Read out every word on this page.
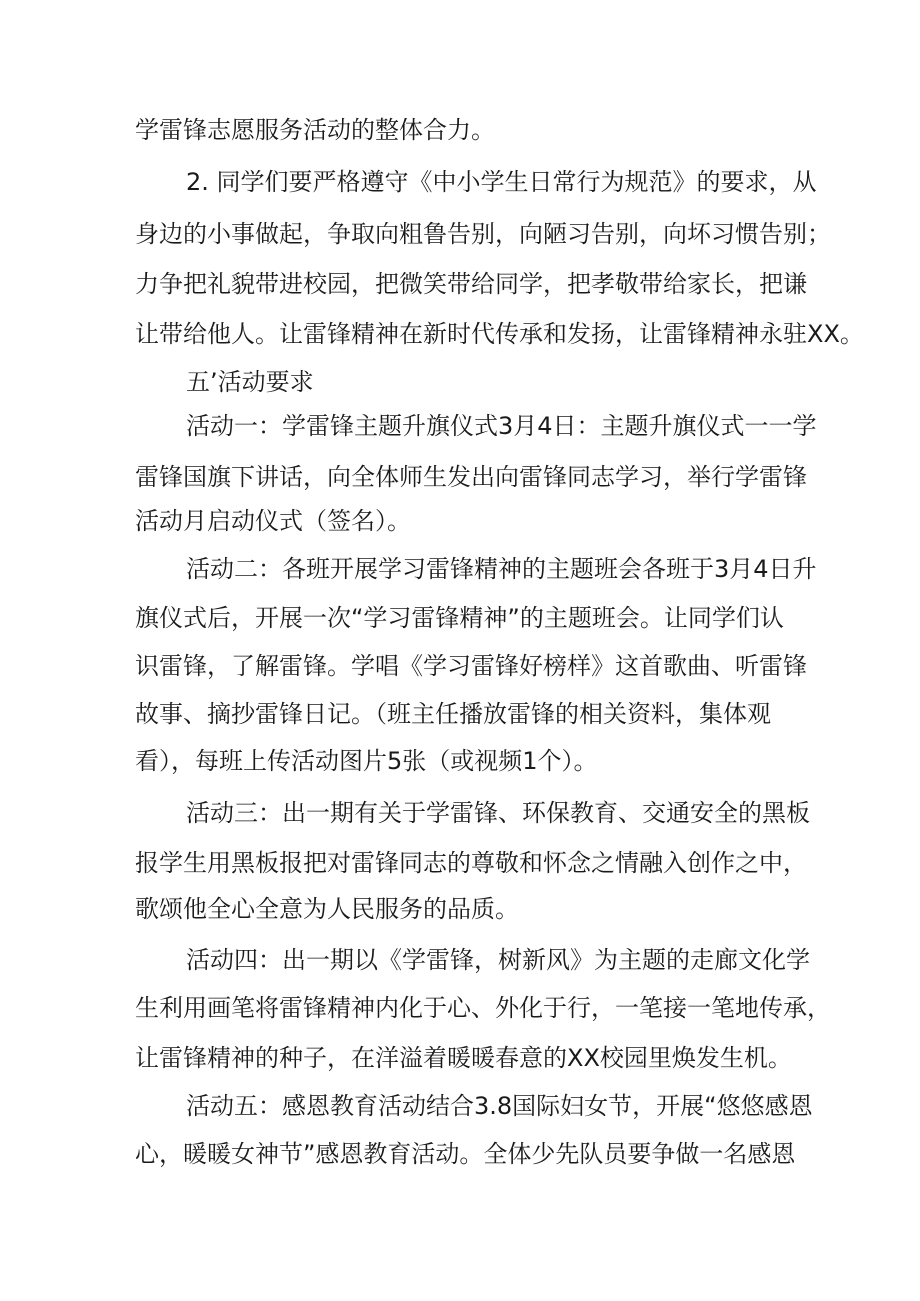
学雷锋志愿服务活动的整体合力。
2. 同学们要严格遵守《中小学生日常行为规范》的要求，从
身边的小事做起，争取向粗鲁告别，向陋习告别，向坏习惯告别；
力争把礼貌带进校园，把微笑带给同学，把孝敬带给家长，把谦
让带给他人。让雷锋精神在新时代传承和发扬，让雷锋精神永驻XX。
五’活动要求
活动一：学雷锋主题升旗仪式3月4日：主题升旗仪式一一学
雷锋国旗下讲话，向全体师生发出向雷锋同志学习，举行学雷锋
活动月启动仪式（签名）。
活动二：各班开展学习雷锋精神的主题班会各班于3月4日升
旗仪式后，开展一次“学习雷锋精神”的主题班会。让同学们认
识雷锋，了解雷锋。学唱《学习雷锋好榜样》这首歌曲、听雷锋
故事、摘抄雷锋日记。（班主任播放雷锋的相关资料，集体观
看），每班上传活动图片5张（或视频1个）。
活动三：出一期有关于学雷锋、环保教育、交通安全的黑板
报学生用黑板报把对雷锋同志的尊敬和怀念之情融入创作之中，
歌颂他全心全意为人民服务的品质。
活动四：出一期以《学雷锋，树新风》为主题的走廊文化学
生利用画笔将雷锋精神内化于心、外化于行，一笔接一笔地传承，
让雷锋精神的种子，在洋溢着暖暖春意的XX校园里焕发生机。
活动五：感恩教育活动结合3.8国际妇女节，开展“悠悠感恩
心，暖暖女神节”感恩教育活动。全体少先队员要争做一名感恩
